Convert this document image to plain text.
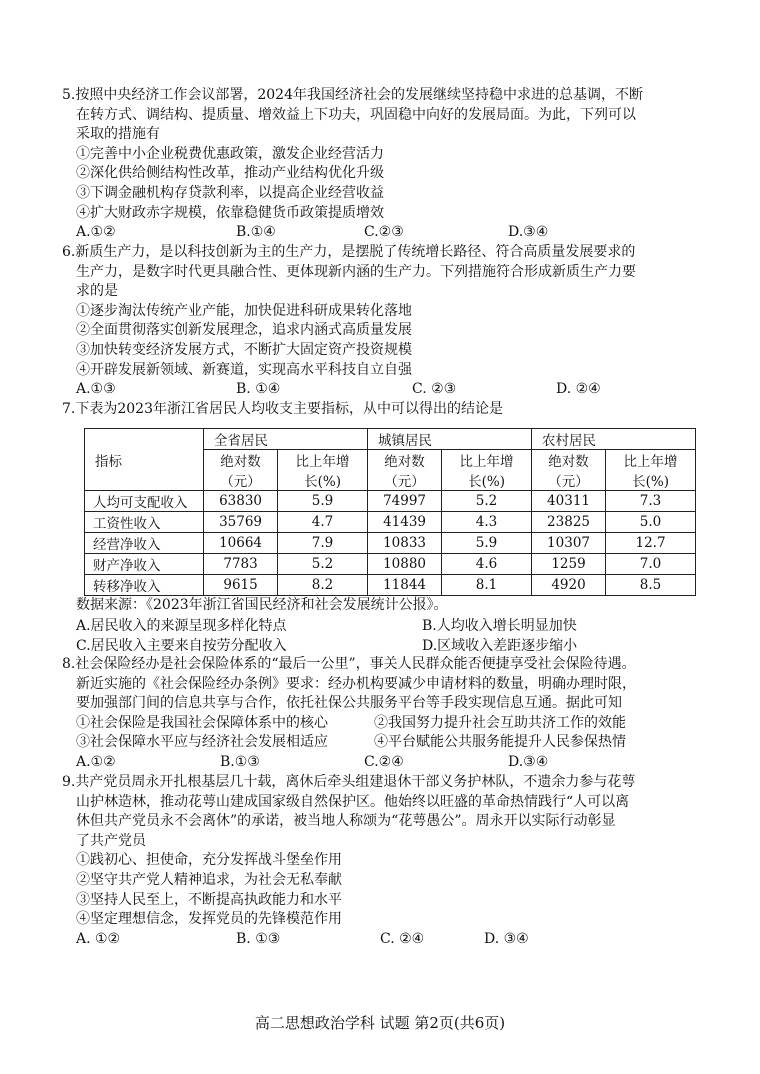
5.按照中央经济工作会议部署，2024年我国经济社会的发展继续坚持稳中求进的总基调，不断
在转方式、调结构、提质量、增效益上下功夫，巩固稳中向好的发展局面。为此，下列可以
采取的措施有
①完善中小企业税费优惠政策，激发企业经营活力
②深化供给侧结构性改革，推动产业结构优化升级
③下调金融机构存贷款利率，以提高企业经营收益
④扩大财政赤字规模，依靠稳健货币政策提质增效
A.①②	B.①④	C.②③	D.③④
6.新质生产力，是以科技创新为主的生产力，是摆脱了传统增长路径、符合高质量发展要求的
生产力，是数字时代更具融合性、更体现新内涵的生产力。下列措施符合形成新质生产力要
求的是
①逐步淘汰传统产业产能，加快促进科研成果转化落地
②全面贯彻落实创新发展理念，追求内涵式高质量发展
③加快转变经济发展方式，不断扩大固定资产投资规模
④开辟发展新领域、新赛道，实现高水平科技自立自强
A.①③	B. ①④	C. ②③	D. ②④
7.下表为2023年浙江省居民人均收支主要指标，从中可以得出的结论是
指标	全省居民		城镇居民		农村居民	
	绝对数	比上年增	绝对数	比上年增	绝对数	比上年增
	（元）	长(%)	（元）	长(%)	（元）	长(%)
人均可支配收入	63830	5.9	74997	5.2	40311	7.3
工资性收入	35769	4.7	41439	4.3	23825	5.0
经营净收入	10664	7.9	10833	5.9	10307	12.7
财产净收入	7783	5.2	10880	4.6	1259	7.0
转移净收入	9615	8.2	11844	8.1	4920	8.5
数据来源：《2023年浙江省国民经济和社会发展统计公报》。
A.居民收入的来源呈现多样化特点	B.人均收入增长明显加快
C.居民收入主要来自按劳分配收入	D.区域收入差距逐步缩小
8.社会保险经办是社会保险体系的“最后一公里”，事关人民群众能否便捷享受社会保险待遇。
新近实施的《社会保险经办条例》要求：经办机构要减少申请材料的数量，明确办理时限，
要加强部门间的信息共享与合作，依托社保公共服务平台等手段实现信息互通。据此可知
①社会保险是我国社会保障体系中的核心	②我国努力提升社会互助共济工作的效能
③社会保障水平应与经济社会发展相适应	④平台赋能公共服务能提升人民参保热情
A.①②	B.①③	C.②④	D.③④
9.共产党员周永开扎根基层几十载，离休后牵头组建退休干部义务护林队，不遗余力参与花萼
山护林造林，推动花萼山建成国家级自然保护区。他始终以旺盛的革命热情践行“人可以离
休但共产党员永不会离休”的承诺，被当地人称颂为“花萼愚公”。周永开以实际行动彰显
了共产党员
①践初心、担使命，充分发挥战斗堡垒作用
②坚守共产党人精神追求，为社会无私奉献
③坚持人民至上，不断提高执政能力和水平
④坚定理想信念，发挥党员的先锋模范作用
A. ①②	B. ①③	C. ②④	D. ③④
高二思想政治学科 试题 第2页(共6页)
